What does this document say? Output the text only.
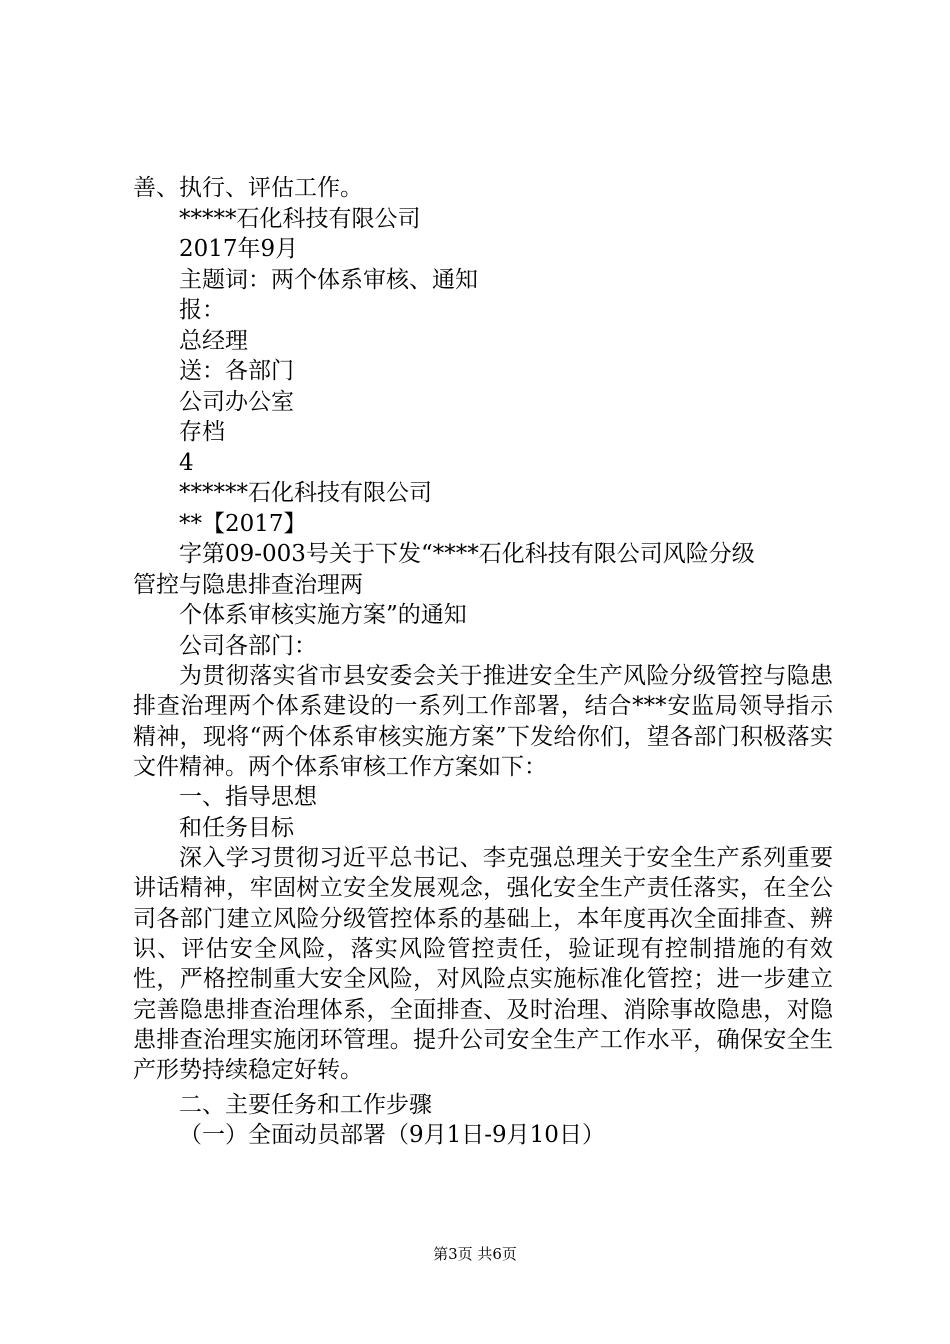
善、执行、评估工作。
*****石化科技有限公司
2017年9月
主题词：两个体系审核、通知
报：
总经理
送：各部门
公司办公室
存档
4
******石化科技有限公司
**【2017】
字第09-003号关于下发“****石化科技有限公司风险分级
管控与隐患排查治理两
个体系审核实施方案”的通知
公司各部门：

为贯彻落实省市县安委会关于推进安全生产风险分级管控与隐患排查治理两个体系建设的一系列工作部署，结合***安监局领导指示精神，现将“两个体系审核实施方案”下发给你们，望各部门积极落实文件精神。两个体系审核工作方案如下：

一、指导思想
和任务目标

深入学习贯彻习近平总书记、李克强总理关于安全生产系列重要讲话精神，牢固树立安全发展观念，强化安全生产责任落实，在全公司各部门建立风险分级管控体系的基础上，本年度再次全面排查、辨识、评估安全风险，落实风险管控责任，验证现有控制措施的有效性，严格控制重大安全风险，对风险点实施标准化管控；进一步建立完善隐患排查治理体系，全面排查、及时治理、消除事故隐患，对隐患排查治理实施闭环管理。提升公司安全生产工作水平，确保安全生产形势持续稳定好转。

二、主要任务和工作步骤
（一）全面动员部署（9月1日-9月10日）
第3页 共6页
